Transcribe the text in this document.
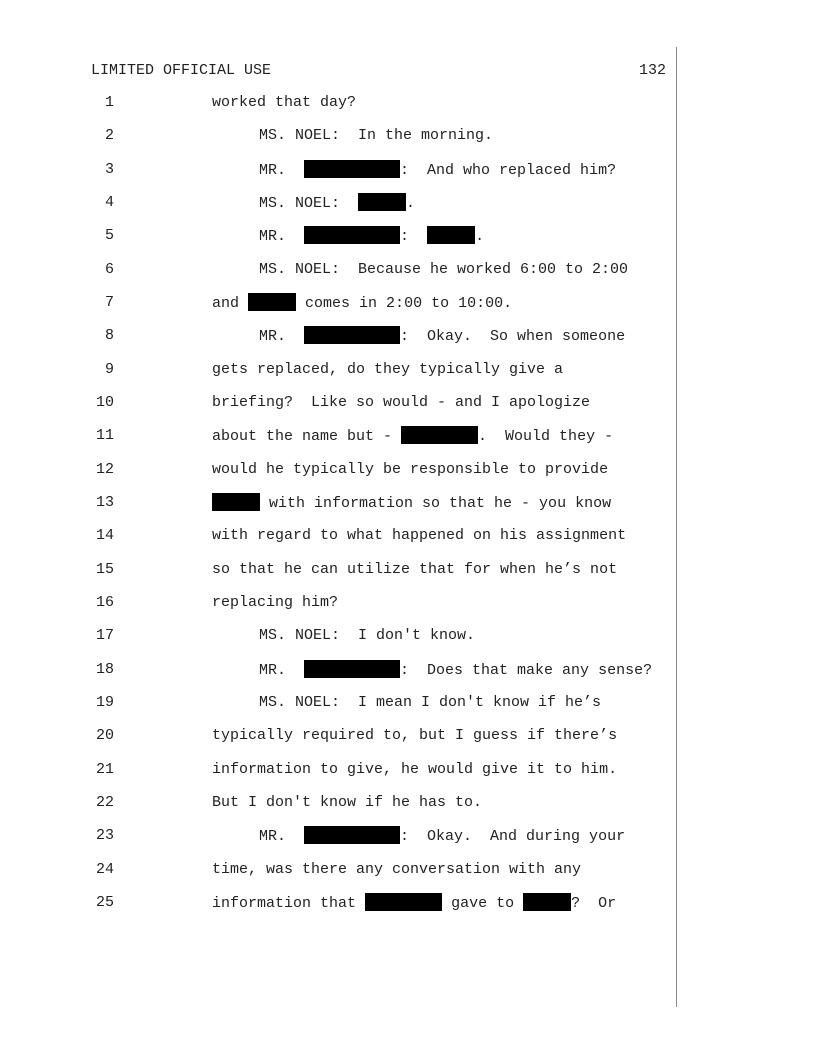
LIMITED OFFICIAL USE	132
1	worked that day?
2	MS. NOEL:  In the morning.
3	MR.	:  And who replaced him?
4	MS. NOEL:	.
5	MR.	:	.
6	MS. NOEL:  Because he worked 6:00 to 2:00
7	and	comes in 2:00 to 10:00.
8	MR.	:  Okay.  So when someone
9	gets replaced, do they typically give a
10	briefing?  Like so would - and I apologize
11	about the name but -	.  Would they -
12	would he typically be responsible to provide
13	with information so that he - you know
14	with regard to what happened on his assignment
15	so that he can utilize that for when he’s not
16	replacing him?
17	MS. NOEL:  I don't know.
18	MR.	:  Does that make any sense?
19	MS. NOEL:  I mean I don't know if he’s
20	typically required to, but I guess if there’s
21	information to give, he would give it to him.
22	But I don't know if he has to.
23	MR.	:  Okay.  And during your
24	time, was there any conversation with any
25	information that	gave to	?  Or
